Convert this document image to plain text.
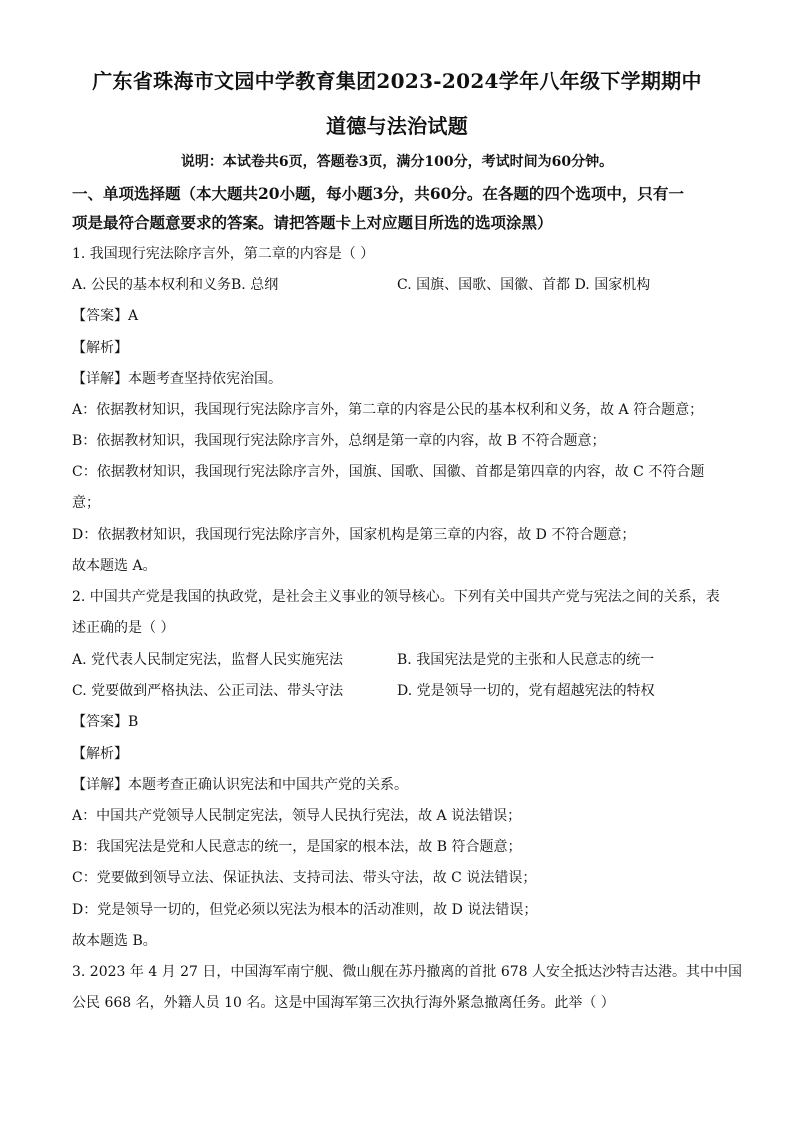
广东省珠海市文园中学教育集团2023-2024学年八年级下学期期中
道德与法治试题
说明：本试卷共6页，答题卷3页，满分100分，考试时间为60分钟。
一、单项选择题（本大题共20小题，每小题3分，共60分。在各题的四个选项中，只有一
项是最符合题意要求的答案。请把答题卡上对应题目所选的选项涂黑）
1. 我国现行宪法除序言外，第二章的内容是（ ）
A. 公民的基本权利和义务B. 总纲	C. 国旗、国歌、国徽、首都 D. 国家机构
【答案】A
【解析】
【详解】本题考查坚持依宪治国。
A：依据教材知识，我国现行宪法除序言外，第二章的内容是公民的基本权利和义务，故 A 符合题意；
B：依据教材知识，我国现行宪法除序言外，总纲是第一章的内容，故 B 不符合题意；
C：依据教材知识，我国现行宪法除序言外，国旗、国歌、国徽、首都是第四章的内容，故 C 不符合题
意；
D：依据教材知识，我国现行宪法除序言外，国家机构是第三章的内容，故 D 不符合题意；
故本题选 A。
2. 中国共产党是我国的执政党，是社会主义事业的领导核心。下列有关中国共产党与宪法之间的关系，表
述正确的是（ ）
A. 党代表人民制定宪法，监督人民实施宪法	B. 我国宪法是党的主张和人民意志的统一
C. 党要做到严格执法、公正司法、带头守法	D. 党是领导一切的，党有超越宪法的特权
【答案】B
【解析】
【详解】本题考查正确认识宪法和中国共产党的关系。
A：中国共产党领导人民制定宪法，领导人民执行宪法，故 A 说法错误；
B：我国宪法是党和人民意志的统一，是国家的根本法，故 B 符合题意；
C：党要做到领导立法、保证执法、支持司法、带头守法，故 C 说法错误；
D：党是领导一切的，但党必须以宪法为根本的活动准则，故 D 说法错误；
故本题选 B。
3. 2023 年 4 月 27 日，中国海军南宁舰、微山舰在苏丹撤离的首批 678 人安全抵达沙特吉达港。其中中国
公民 668 名，外籍人员 10 名。这是中国海军第三次执行海外紧急撤离任务。此举（ ）
